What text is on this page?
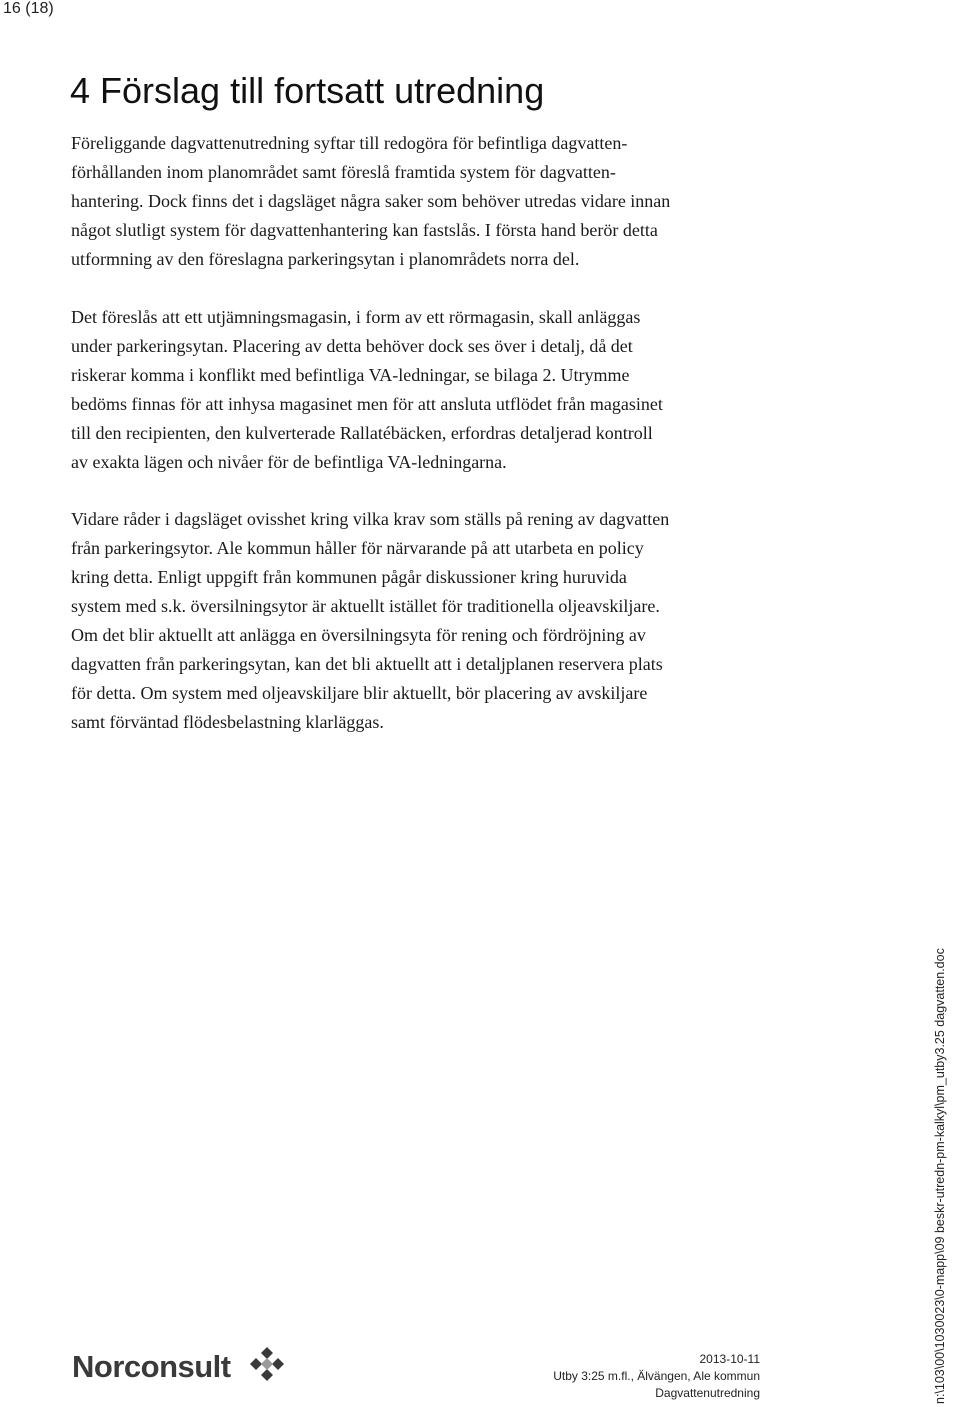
16 (18)
4 Förslag till fortsatt utredning
Föreliggande dagvattenutredning syftar till redogöra för befintliga dagvatten-
förhållanden inom planområdet samt föreslå framtida system för dagvatten-
hantering. Dock finns det i dagsläget några saker som behöver utredas vidare innan
något slutligt system för dagvattenhantering kan fastslås. I första hand berör detta
utformning av den föreslagna parkeringsytan i planområdets norra del.
Det föreslås att ett utjämningsmagasin, i form av ett rörmagasin, skall anläggas
under parkeringsytan. Placering av detta behöver dock ses över i detalj, då det
riskerar komma i konflikt med befintliga VA-ledningar, se bilaga 2. Utrymme
bedöms finnas för att inhysa magasinet men för att ansluta utflödet från magasinet
till den recipienten, den kulverterade Rallatébäcken, erfordras detaljerad kontroll
av exakta lägen och nivåer för de befintliga VA-ledningarna.
Vidare råder i dagsläget ovisshet kring vilka krav som ställs på rening av dagvatten
från parkeringsytor. Ale kommun håller för närvarande på att utarbeta en policy
kring detta. Enligt uppgift från kommunen pågår diskussioner kring huruvida
system med s.k. översilningsytor är aktuellt istället för traditionella oljeavskiljare.
Om det blir aktuellt att anlägga en översilningsyta för rening och fördröjning av
dagvatten från parkeringsytan, kan det bli aktuellt att i detaljplanen reservera plats
för detta. Om system med oljeavskiljare blir aktuellt, bör placering av avskiljare
samt förväntad flödesbelastning klarläggas.
Norconsult	2013-10-11
Utby 3:25 m.fl., Älvängen, Ale kommun
Dagvattenutredning	n:\103\00\1030023\0-mapp\09 beskr-utredn-pm-kalkyl\pm_utby3.25 dagvatten.doc
